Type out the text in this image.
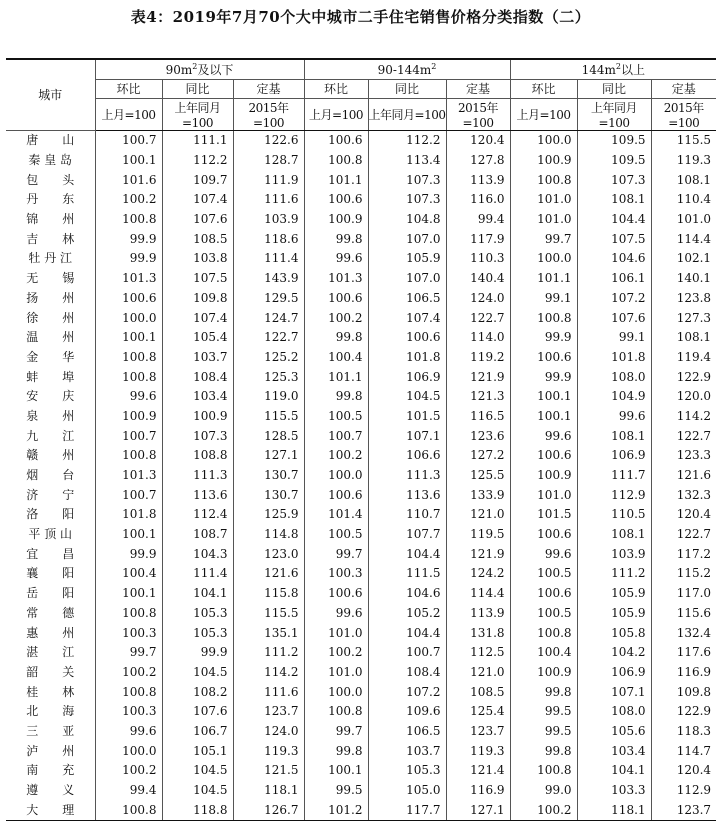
表4：2019年7月70个大中城市二手住宅销售价格分类指数（二）
城市	$90m^2$及以下			$90-144m^2$			$144m^2$以上		
	环比	同比	定基	环比	同比	定基	环比	同比	定基
	上月=100	上年同月=100	2015年=100	上月=100	上年同月=100	2015年=100	上月=100	上年同月=100	2015年=100
唐　　山	100.7	111.1	122.6	100.6	112.2	120.4	100.0	109.5	115.5
秦 皇 岛	100.1	112.2	128.7	100.8	113.4	127.8	100.9	109.5	119.3
包　　头	101.6	109.7	111.9	101.1	107.3	113.9	100.8	107.3	108.1
丹　　东	100.2	107.4	111.6	100.6	107.3	116.0	101.0	108.1	110.4
锦　　州	100.8	107.6	103.9	100.9	104.8	99.4	101.0	104.4	101.0
吉　　林	99.9	108.5	118.6	99.8	107.0	117.9	99.7	107.5	114.4
牡 丹 江	99.9	103.8	111.4	99.6	105.9	110.3	100.0	104.6	102.1
无　　锡	101.3	107.5	143.9	101.3	107.0	140.4	101.1	106.1	140.1
扬　　州	100.6	109.8	129.5	100.6	106.5	124.0	99.1	107.2	123.8
徐　　州	100.0	107.4	124.7	100.2	107.4	122.7	100.8	107.6	127.3
温　　州	100.1	105.4	122.7	99.8	100.6	114.0	99.9	99.1	108.1
金　　华	100.8	103.7	125.2	100.4	101.8	119.2	100.6	101.8	119.4
蚌　　埠	100.8	108.4	125.3	101.1	106.9	121.9	99.9	108.0	122.9
安　　庆	99.6	103.4	119.0	99.8	104.5	121.3	100.1	104.9	120.0
泉　　州	100.9	100.9	115.5	100.5	101.5	116.5	100.1	99.6	114.2
九　　江	100.7	107.3	128.5	100.7	107.1	123.6	99.6	108.1	122.7
赣　　州	100.8	108.8	127.1	100.2	106.6	127.2	100.6	106.9	123.3
烟　　台	101.3	111.3	130.7	100.0	111.3	125.5	100.9	111.7	121.6
济　　宁	100.7	113.6	130.7	100.6	113.6	133.9	101.0	112.9	132.3
洛　　阳	101.8	112.4	125.9	101.4	110.7	121.0	101.5	110.5	120.4
平 顶 山	100.1	108.7	114.8	100.5	107.7	119.5	100.6	108.1	122.7
宜　　昌	99.9	104.3	123.0	99.7	104.4	121.9	99.6	103.9	117.2
襄　　阳	100.4	111.4	121.6	100.3	111.5	124.2	100.5	111.2	115.2
岳　　阳	100.1	104.1	115.8	100.6	104.6	114.4	100.6	105.9	117.0
常　　德	100.8	105.3	115.5	99.6	105.2	113.9	100.5	105.9	115.6
惠　　州	100.3	105.3	135.1	101.0	104.4	131.8	100.8	105.8	132.4
湛　　江	99.7	99.9	111.2	100.2	100.7	112.5	100.4	104.2	117.6
韶　　关	100.2	104.5	114.2	101.0	108.4	121.0	100.9	106.9	116.9
桂　　林	100.8	108.2	111.6	100.0	107.2	108.5	99.8	107.1	109.8
北　　海	100.3	107.6	123.7	100.8	109.6	125.4	99.5	108.0	122.9
三　　亚	99.6	106.7	124.0	99.7	106.5	123.7	99.5	105.6	118.3
泸　　州	100.0	105.1	119.3	99.8	103.7	119.3	99.8	103.4	114.7
南　　充	100.2	104.5	121.5	100.1	105.3	121.4	100.8	104.1	120.4
遵　　义	99.4	104.5	118.1	99.5	105.0	116.9	99.0	103.3	112.9
大　　理	100.8	118.8	126.7	101.2	117.7	127.1	100.2	118.1	123.7
